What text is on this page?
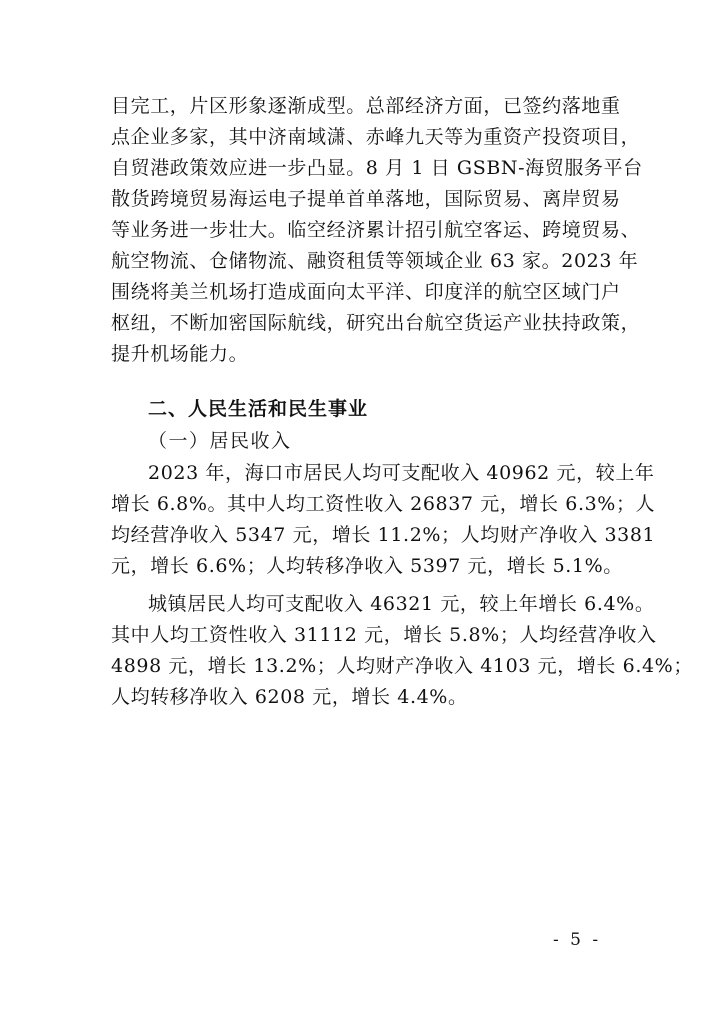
目完工，片区形象逐渐成型。总部经济方面，已签约落地重
点企业多家，其中济南域潇、赤峰九天等为重资产投资项目，
自贸港政策效应进一步凸显。8 月 1 日 GSBN-海贸服务平台
散货跨境贸易海运电子提单首单落地，国际贸易、离岸贸易
等业务进一步壮大。临空经济累计招引航空客运、跨境贸易、
航空物流、仓储物流、融资租赁等领域企业 63 家。2023 年
围绕将美兰机场打造成面向太平洋、印度洋的航空区域门户
枢纽，不断加密国际航线，研究出台航空货运产业扶持政策，
提升机场能力。
二、人民生活和民生事业
（一）居民收入
2023 年，海口市居民人均可支配收入 40962 元，较上年
增长 6.8%。其中人均工资性收入 26837 元，增长 6.3%；人
均经营净收入 5347 元，增长 11.2%；人均财产净收入 3381
元，增长 6.6%；人均转移净收入 5397 元，增长 5.1%。
城镇居民人均可支配收入 46321 元，较上年增长 6.4%。
其中人均工资性收入 31112 元，增长 5.8%；人均经营净收入
4898 元，增长 13.2%；人均财产净收入 4103 元，增长 6.4%；
人均转移净收入 6208 元，增长 4.4%。
- 5 -
